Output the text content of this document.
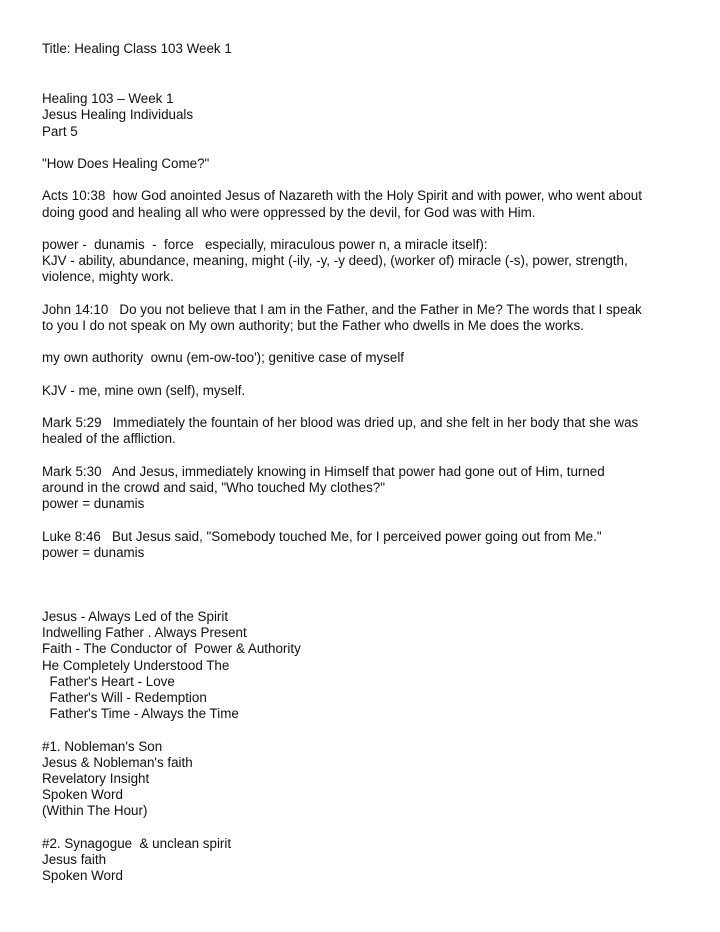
Title: Healing Class 103 Week 1
Healing 103 – Week 1
Jesus Healing Individuals
Part 5
"How Does Healing Come?"
Acts 10:38  how God anointed Jesus of Nazareth with the Holy Spirit and with power, who went about
doing good and healing all who were oppressed by the devil, for God was with Him.
power -  dunamis  -  force   especially, miraculous power n, a miracle itself):
KJV - ability, abundance, meaning, might (-ily, -y, -y deed), (worker of) miracle (-s), power, strength,
violence, mighty work.
John 14:10   Do you not believe that I am in the Father, and the Father in Me? The words that I speak
to you I do not speak on My own authority; but the Father who dwells in Me does the works.
my own authority  ownu (em-ow-too'); genitive case of myself
KJV - me, mine own (self), myself.
Mark 5:29   Immediately the fountain of her blood was dried up, and she felt in her body that she was
healed of the affliction.
Mark 5:30   And Jesus, immediately knowing in Himself that power had gone out of Him, turned
around in the crowd and said, "Who touched My clothes?"
power = dunamis
Luke 8:46   But Jesus said, "Somebody touched Me, for I perceived power going out from Me."
power = dunamis
Jesus - Always Led of the Spirit
Indwelling Father . Always Present
Faith - The Conductor of  Power & Authority
He Completely Understood The
Father's Heart - Love
Father's Will - Redemption
Father's Time - Always the Time
#1. Nobleman's Son
Jesus & Nobleman's faith
Revelatory Insight
Spoken Word
(Within The Hour)
#2. Synagogue  & unclean spirit
Jesus faith
Spoken Word
